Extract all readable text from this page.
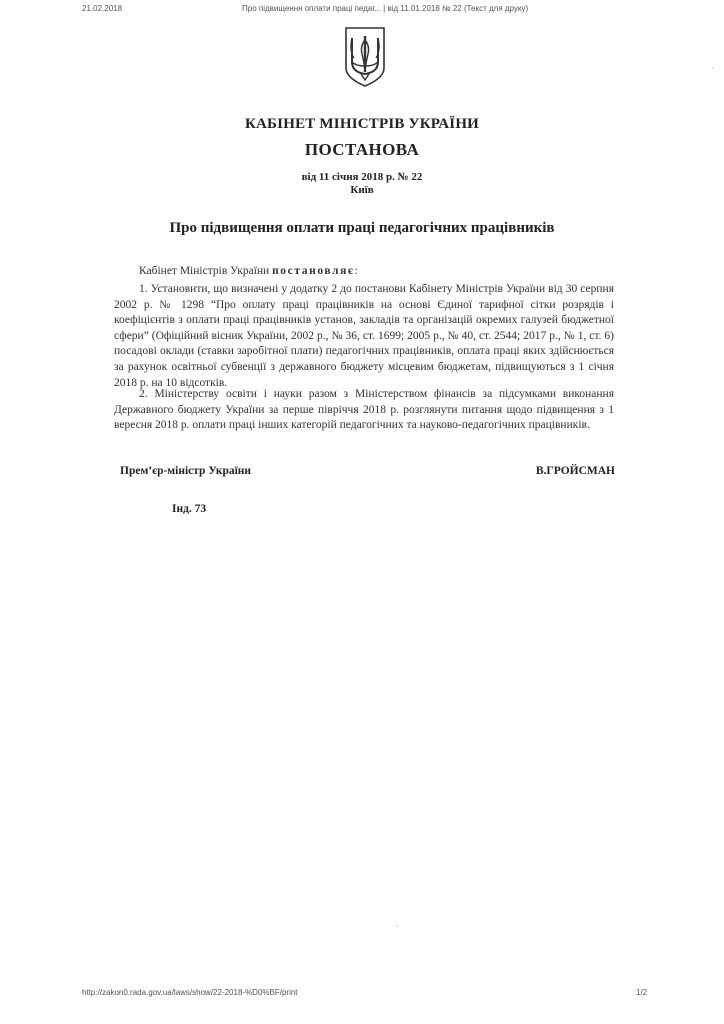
21.02.2018	Про підвищення оплати праці педаг... | від 11.01.2018 № 22 (Текст для друку)
КАБІНЕТ МІНІСТРІВ УКРАЇНИ
ПОСТАНОВА
від 11 січня 2018 р. № 22
Київ
Про підвищення оплати праці педагогічних працівників

Кабінет Міністрів України постановляє:

1. Установити, що визначені у додатку 2 до постанови Кабінету Міністрів України від 30 серпня 2002 р. № 1298 “Про оплату праці працівників на основі Єдиної тарифної сітки розрядів і коефіцієнтів з оплати праці працівників установ, закладів та організацій окремих галузей бюджетної сфери” (Офіційний вісник України, 2002 р., № 36, ст. 1699; 2005 р., № 40, ст. 2544; 2017 р., № 1, ст. 6) посадові оклади (ставки заробітної плати) педагогічних працівників, оплата праці яких здійснюється за рахунок освітньої субвенції з державного бюджету місцевим бюджетам, підвищуються з 1 січня 2018 р. на 10 відсотків.

2. Міністерству освіти і науки разом з Міністерством фінансів за підсумками виконання Державного бюджету України за перше півріччя 2018 р. розглянути питання щодо підвищення з 1 вересня 2018 р. оплати праці інших категорій педагогічних та науково-педагогічних працівників.

Прем’єр-міністр України	В.ГРОЙСМАН
Інд. 73
http://zakon0.rada.gov.ua/laws/show/22-2018-%D0%BF/print	1/2
·
·
